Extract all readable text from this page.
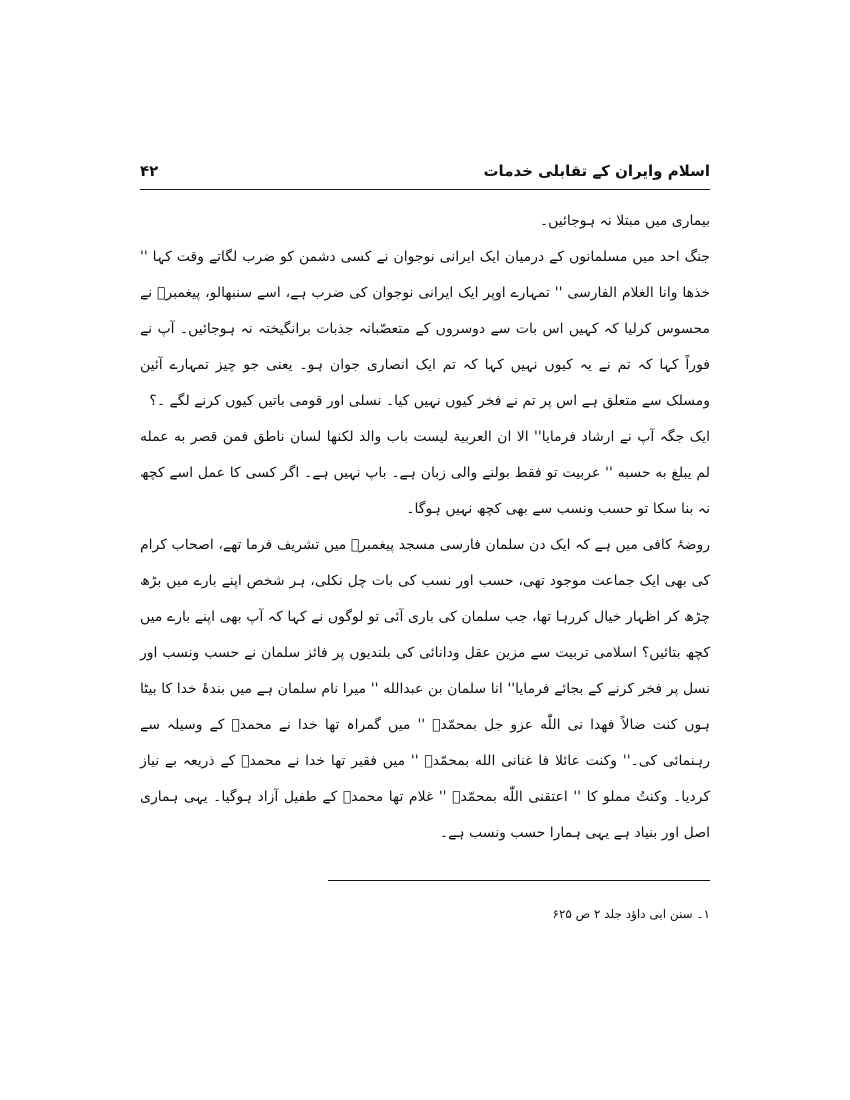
اسلام وایران کے تقابلی خدمات
۴۲

بیماری میں مبتلا نہ ہوجائیں۔

جنگ احد میں مسلمانوں کے درمیان ایک ایرانی نوجوان نے کسی دشمن کو ضرب لگاتے وقت کہا '' خذھا وانا الغلام الفارسی '' تمہارے اوپر ایک ایرانی نوجوان کی ضرب ہے، اسے سنبھالو، پیغمبرؐ نے محسوس کرلیا کہ کہیں اس بات سے دوسروں کے متعصّبانہ جذبات برانگیختہ نہ ہوجائیں۔ آپ نے فوراً کہا کہ تم نے یہ کیوں نہیں کہا کہ تم ایک انصاری جوان ہو۔ یعنی جو چیز تمہارے آئین ومسلک سے متعلق ہے اس پر تم نے فخر کیوں نہیں کیا۔ نسلی اور قومی باتیں کیوں کرنے لگے ۔؟

ایک جگہ آپ نے ارشاد فرمایا'' الا ان العربیة لیست باب والد لکنھا لسان ناطق فمن قصر به عمله لم یبلغ به حسبه '' عربیت تو فقط بولنے والی زبان ہے۔ باپ نہیں ہے۔ اگر کسی کا عمل اسے کچھ نہ بنا سکا تو حسب ونسب سے بھی کچھ نہیں ہوگا۔

روضۂ کافی میں ہے کہ ایک دن سلمان فارسی مسجد پیغمبرؐ میں تشریف فرما تھے، اصحاب کرام کی بھی ایک جماعت موجود تھی، حسب اور نسب کی بات چل نکلی، ہر شخص اپنے بارے میں بڑھ چڑھ کر اظہار خیال کررہا تھا، جب سلمان کی باری آئی تو لوگوں نے کہا کہ آپ بھی اپنے بارے میں کچھ بتائیں؟ اسلامی تربیت سے مزین عقل ودانائی کی بلندیوں پر فائز سلمان نے حسب ونسب اور نسل پر فخر کرنے کے بجائے فرمایا'' انا سلمان بن عبدالله '' میرا نام سلمان ہے میں بندۂ خدا کا بیٹا ہوں کنت ضالاً فھدا نی اللّٰه عزو جل بمحمّدؐ '' میں گمراہ تھا خدا نے محمدؐ کے وسیلہ سے رہنمائی کی۔'' وکنت عائلا فا غنانی الله بمحمّدؐ '' میں فقیر تھا خدا نے محمدؐ کے ذریعہ بے نیاز کردیا۔ وکنتُ مملو کا '' اعتقنی اللّٰه بمحمّدؐ '' غلام تھا محمدؐ کے طفیل آزاد ہوگیا۔ یہی ہماری اصل اور بنیاد ہے یہی ہمارا حسب ونسب ہے۔

۱۔ سنن ابی داؤد جلد ۲ ص ۶۲۵
